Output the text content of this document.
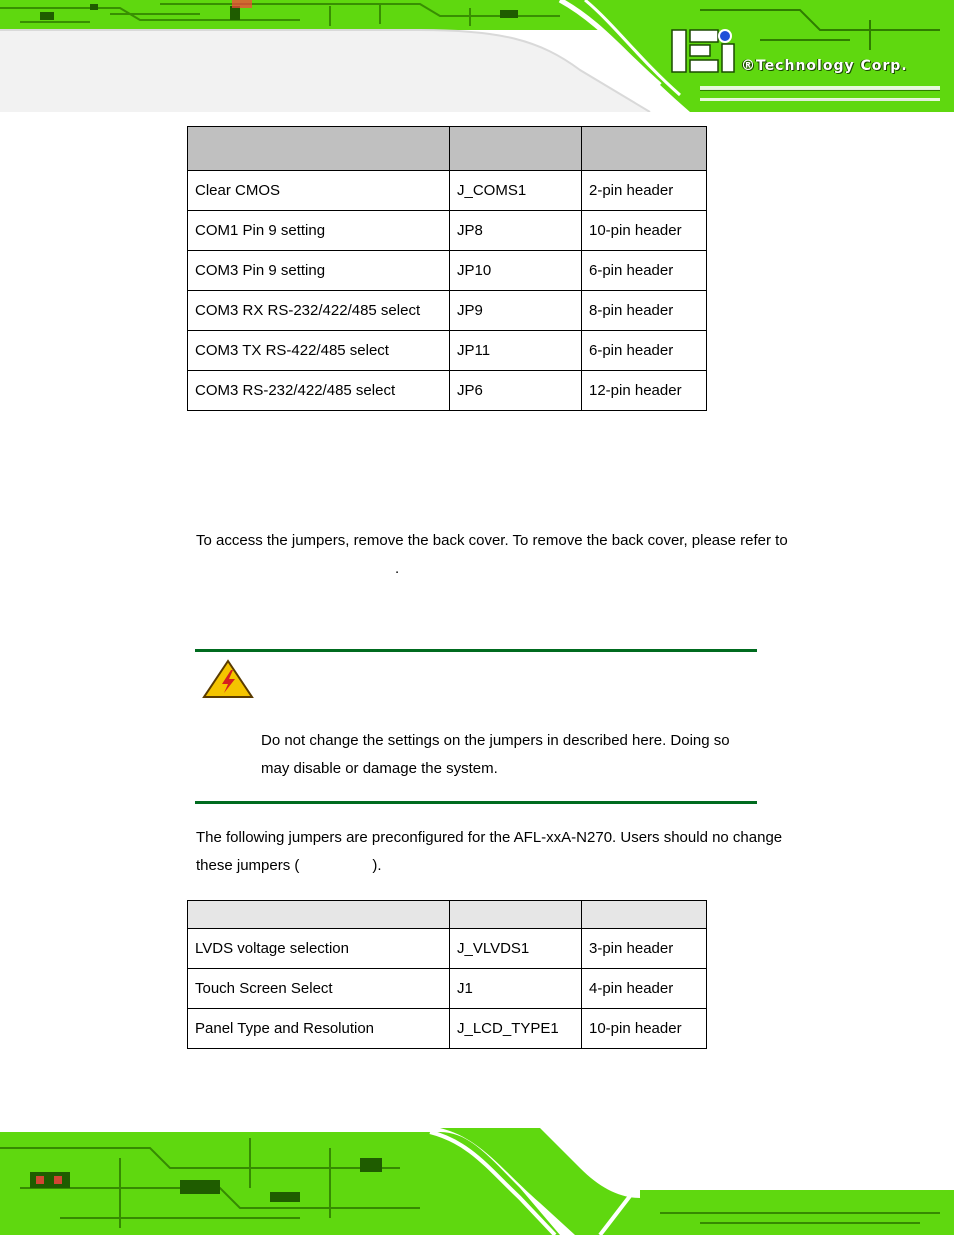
®Technology Corp.

Clear CMOS	J_COMS1	2-pin header
COM1 Pin 9 setting	JP8	10-pin header
COM3 Pin 9 setting	JP10	6-pin header
COM3 RX RS-232/422/485 select	JP9	8-pin header
COM3 TX RS-422/485 select	JP11	6-pin header
COM3 RS-232/422/485 select	JP6	12-pin header
To access the jumpers, remove the back cover. To remove the back cover, please refer to
.
Do not change the settings on the jumpers in described here. Doing so may disable or damage the system.
The following jumpers are preconfigured for the AFL-xxA-N270. Users should no change
these jumpers (	).

LVDS voltage selection	J_VLVDS1	3-pin header
Touch Screen Select	J1	4-pin header
Panel Type and Resolution	J_LCD_TYPE1	10-pin header
